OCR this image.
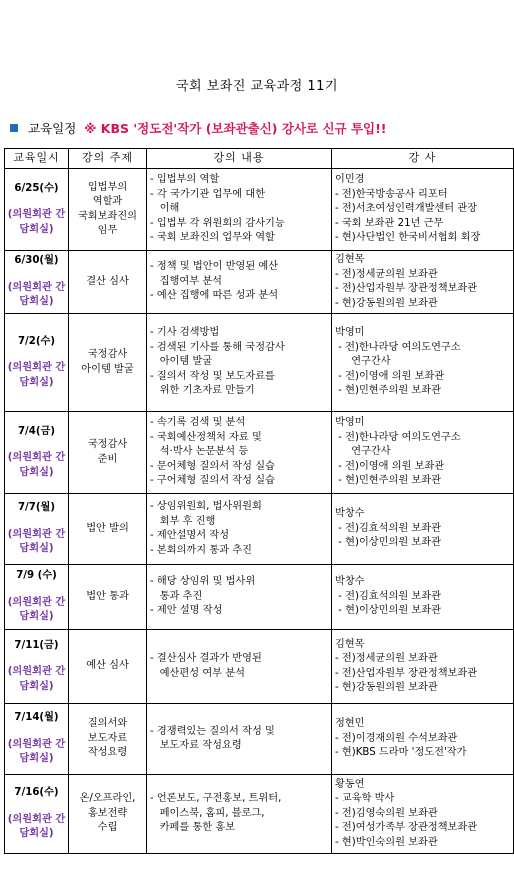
국회 보좌진 교육과정 11기
교육일정 ※ KBS '정도전'작가 (보좌관출신) 강사로 신규 투입!!
교육일시	강의 주제	강의 내용	강 사

6/25(수)
(의원회관 간담회실)	입법부의
역할과
국회보좌진의
임무	- 입법부의 역할
- 각 국가기관 업무에 대한
이해
- 입법부 각 위원회의 감사기능
- 국회 보좌진의 업무와 역할	이민경
- 전)한국방송공사 리포터
- 전)서초여성인력개발센터 관장
- 국회 보좌관 21년 근무
- 현)사단법인 한국비서협회 회장

6/30(월)
(의원회관 간담회실)	결산 심사	- 정책 및 법안이 반영된 예산
집행여부 분석
- 예산 집행에 따른 성과 분석	김현목
- 전)정세균의원 보좌관
- 전)산업자원부 장관정책보좌관
- 현)강동원의원 보좌관

7/2(수)
(의원회관 간담회실)	국정감사
아이템 발굴	- 기사 검색방법
- 검색된 기사를 통해 국정감사
아이템 발굴
- 질의서 작성 및 보도자료를
위한 기초자료 만들기	박영미
- 전)한나라당 여의도연구소
연구간사
- 전)이영애 의원 보좌관
- 현)민현주의원 보좌관

7/4(금)
(의원회관 간담회실)	국정감사
준비	- 속기록 검색 및 분석
- 국회예산정책처 자료 및
석·박사 논문분석 등
- 문어체형 질의서 작성 실습
- 구어체형 질의서 작성 실습	박영미
- 전)한나라당 여의도연구소
연구간사
- 전)이영애 의원 보좌관
- 현)민현주의원 보좌관

7/7(월)
(의원회관 간담회실)	법안 발의	- 상임위원회, 법사위원회
회부 후 진행
- 제안설명서 작성
- 본회의까지 통과 추진	박창수
- 전)김효석의원 보좌관
- 현)이상민의원 보좌관

7/9 (수)
(의원회관 간담회실)	법안 통과	- 해당 상임위 및 법사위
통과 추진
- 제안 설명 작성	박창수
- 전)김효석의원 보좌관
- 현)이상민의원 보좌관

7/11(금)
(의원회관 간담회실)	예산 심사	- 결산심사 결과가 반영된
예산편성 여부 분석	김현목
- 전)정세균의원 보좌관
- 전)산업자원부 장관정책보좌관
- 현)강동원의원 보좌관

7/14(월)
(의원회관 간담회실)	질의서와
보도자료
작성요령	- 경쟁력있는 질의서 작성 및
보도자료 작성요령	정현민
- 전)이경재의원 수석보좌관
- 현)KBS 드라마 '정도전'작가

7/16(수)
(의원회관 간담회실)	온/오프라인,
홍보전략
수립	- 언론보도, 구전홍보, 트위터,
페이스북, 홈피, 블로그,
카페를 통한 홍보	황동연
- 교육학 박사
- 전)김영숙의원 보좌관
- 전)여성가족부 장관정책보좌관
- 현)박인숙의원 보좌관
